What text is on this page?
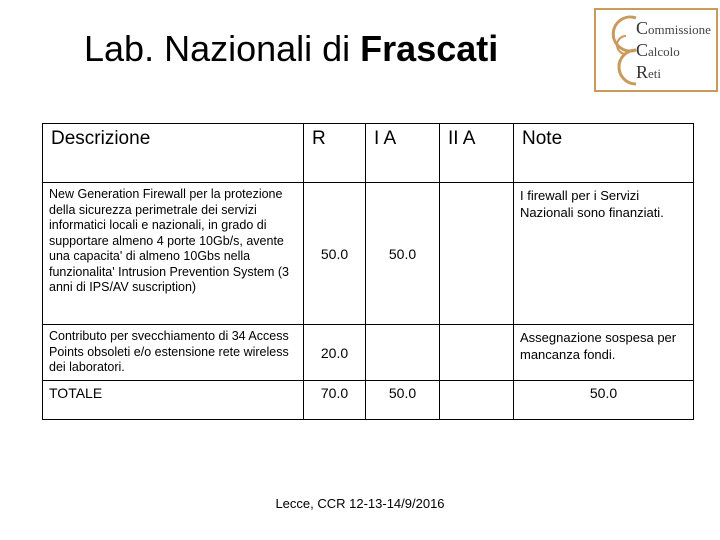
Lab. Nazionali di Frascati	Commissione
Calcolo
Reti
Descrizione	R	I A	II A	Note
New Generation Firewall per la protezione della sicurezza perimetrale dei servizi informatici locali e nazionali, in grado di supportare almeno 4 porte 10Gb/s, avente una capacita' di almeno 10Gbs nella funzionalita' Intrusion Prevention System (3 anni di IPS/AV suscription)	50.0	50.0		I firewall per i Servizi Nazionali sono finanziati.
Contributo per svecchiamento di 34 Access Points obsoleti e/o estensione rete wireless dei laboratori.	20.0			Assegnazione sospesa per mancanza fondi.
TOTALE	70.0	50.0		50.0
Lecce, CCR 12-13-14/9/2016
